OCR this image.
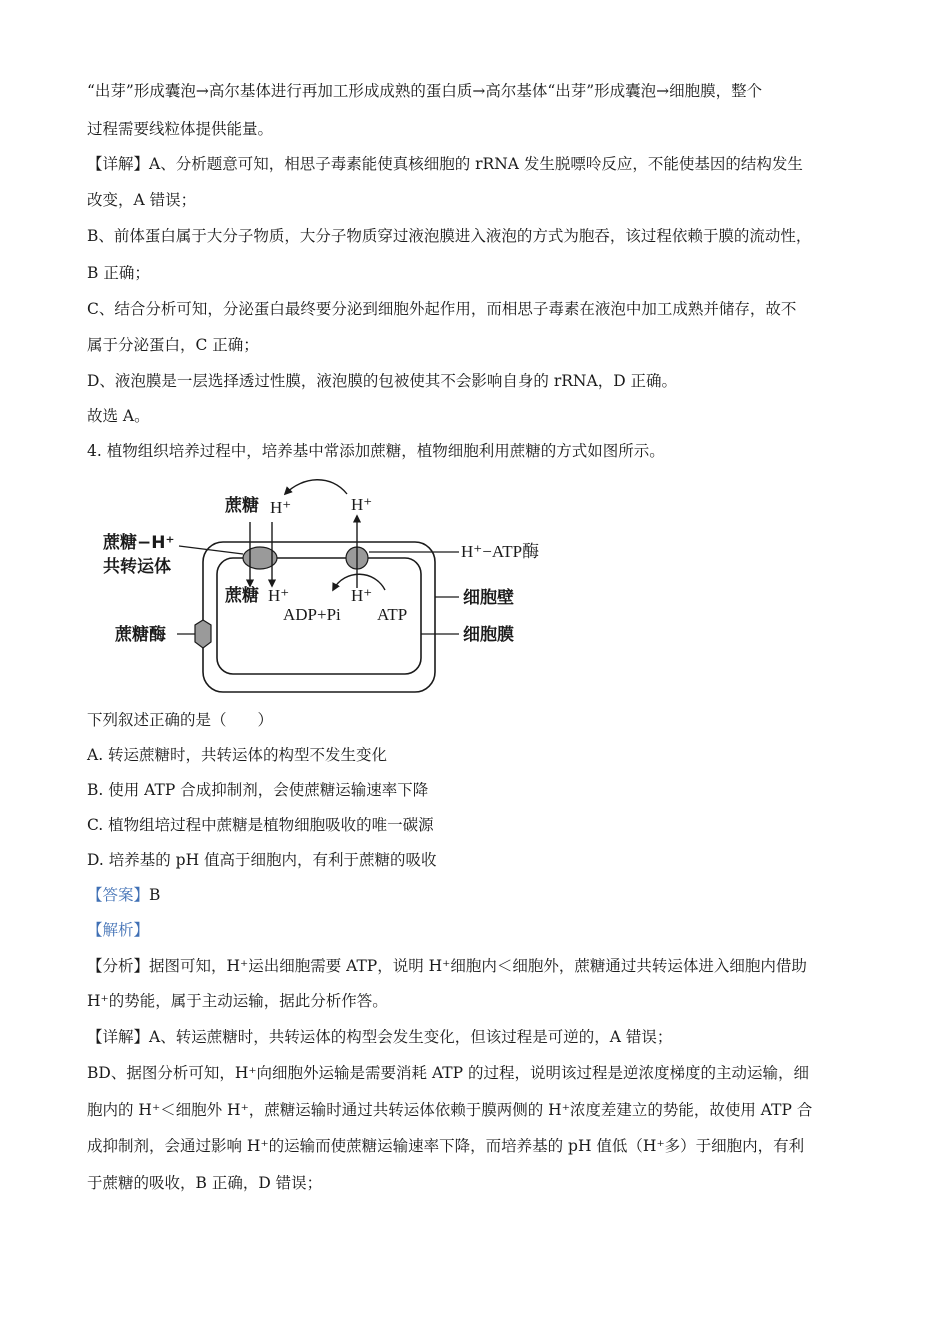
“出芽”形成囊泡→高尔基体进行再加工形成成熟的蛋白质→高尔基体“出芽”形成囊泡→细胞膜，整个
过程需要线粒体提供能量。
【详解】A、分析题意可知，相思子毒素能使真核细胞的 rRNA 发生脱嘌呤反应，不能使基因的结构发生
改变，A 错误；
B、前体蛋白属于大分子物质，大分子物质穿过液泡膜进入液泡的方式为胞吞，该过程依赖于膜的流动性，
B 正确；
C、结合分析可知，分泌蛋白最终要分泌到细胞外起作用，而相思子毒素在液泡中加工成熟并储存，故不
属于分泌蛋白，C 正确；
D、液泡膜是一层选择透过性膜，液泡膜的包被使其不会影响自身的 rRNA，D 正确。
故选 A。
4. 植物组织培养过程中，培养基中常添加蔗糖，植物细胞利用蔗糖的方式如图所示。
蔗糖 H⁺	H⁺
蔗糖−H⁺
共转运体
H⁺−ATP酶
蔗糖 H⁺	H⁺
ADP+Pi ATP
细胞壁
细胞膜
蔗糖酶
下列叙述正确的是（　　）
A. 转运蔗糖时，共转运体的构型不发生变化
B. 使用 ATP 合成抑制剂，会使蔗糖运输速率下降
C. 植物组培过程中蔗糖是植物细胞吸收的唯一碳源
D. 培养基的 pH 值高于细胞内，有利于蔗糖的吸收
【答案】B
【解析】
【分析】据图可知，H⁺运出细胞需要 ATP，说明 H⁺细胞内＜细胞外，蔗糖通过共转运体进入细胞内借助
H⁺的势能，属于主动运输，据此分析作答。
【详解】A、转运蔗糖时，共转运体的构型会发生变化，但该过程是可逆的，A 错误；
BD、据图分析可知，H⁺向细胞外运输是需要消耗 ATP 的过程，说明该过程是逆浓度梯度的主动运输，细
胞内的 H⁺＜细胞外 H⁺，蔗糖运输时通过共转运体依赖于膜两侧的 H⁺浓度差建立的势能，故使用 ATP 合
成抑制剂，会通过影响 H⁺的运输而使蔗糖运输速率下降，而培养基的 pH 值低（H⁺多）于细胞内，有利
于蔗糖的吸收，B 正确，D 错误；
